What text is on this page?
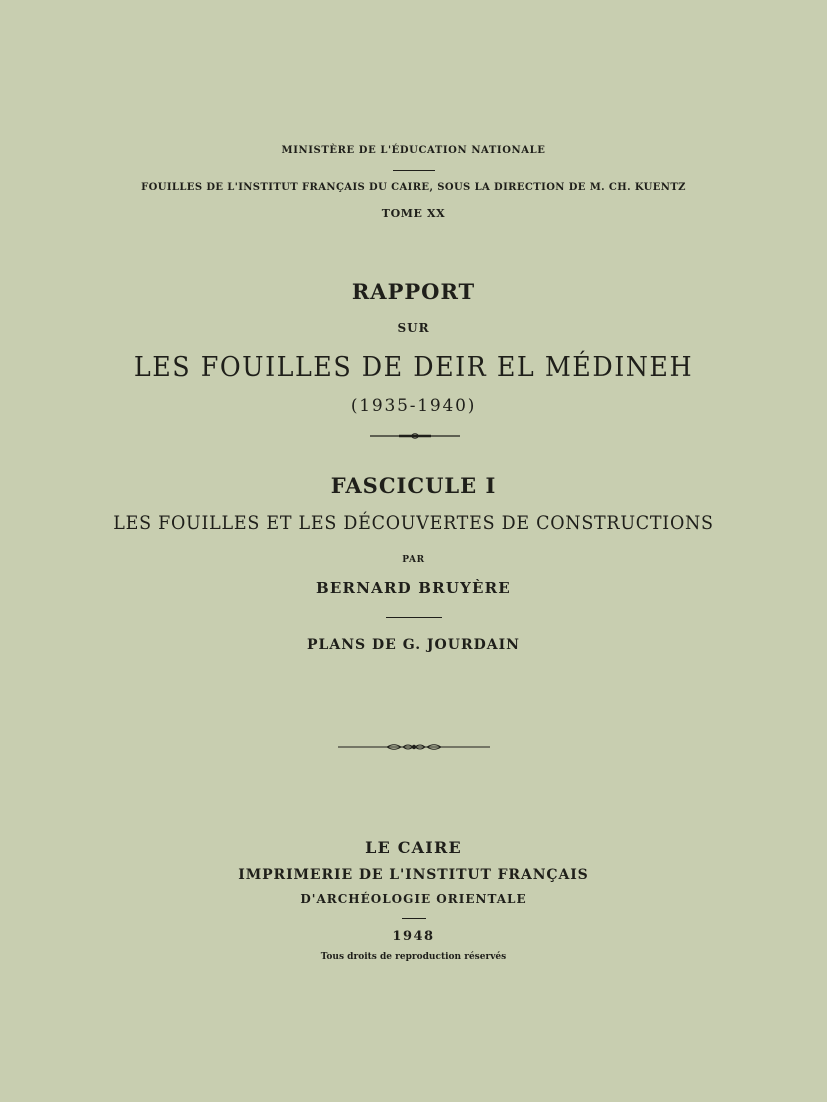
MINISTÈRE DE L'ÉDUCATION NATIONALE
FOUILLES DE L'INSTITUT FRANÇAIS DU CAIRE, SOUS LA DIRECTION DE M. CH. KUENTZ
TOME XX
RAPPORT
SUR
LES FOUILLES DE DEIR EL MÉDINEH
(1935-1940)
FASCICULE I
LES FOUILLES ET LES DÉCOUVERTES DE CONSTRUCTIONS
PAR
BERNARD BRUYÈRE
PLANS DE G. JOURDAIN
LE CAIRE
IMPRIMERIE DE L'INSTITUT FRANÇAIS
D'ARCHÉOLOGIE ORIENTALE
1948
Tous droits de reproduction réservés
